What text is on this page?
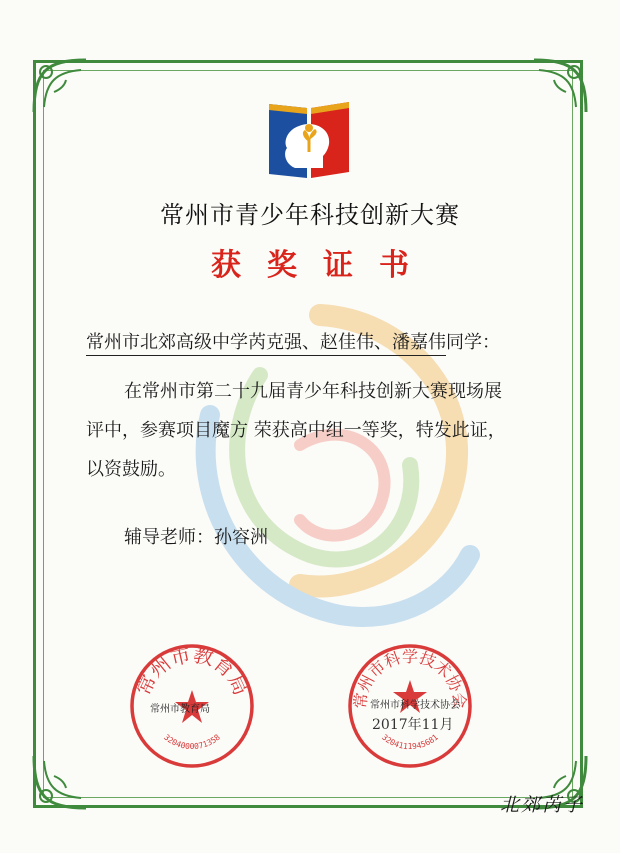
常州市青少年科技创新大赛
获奖证书
常州市北郊高级中学芮克强、赵佳伟、潘嘉伟同学：
在常州市第二十九届青少年科技创新大赛现场展
评中，参赛项目魔方 荣获高中组一等奖，特发此证，
以资鼓励。
辅导老师：孙容洲
常州市教育局
3204000071358
常州市教育局	常州市科学技术协会
3204111945681
常州市科学技术协会
2017年11月
北郊芮子
